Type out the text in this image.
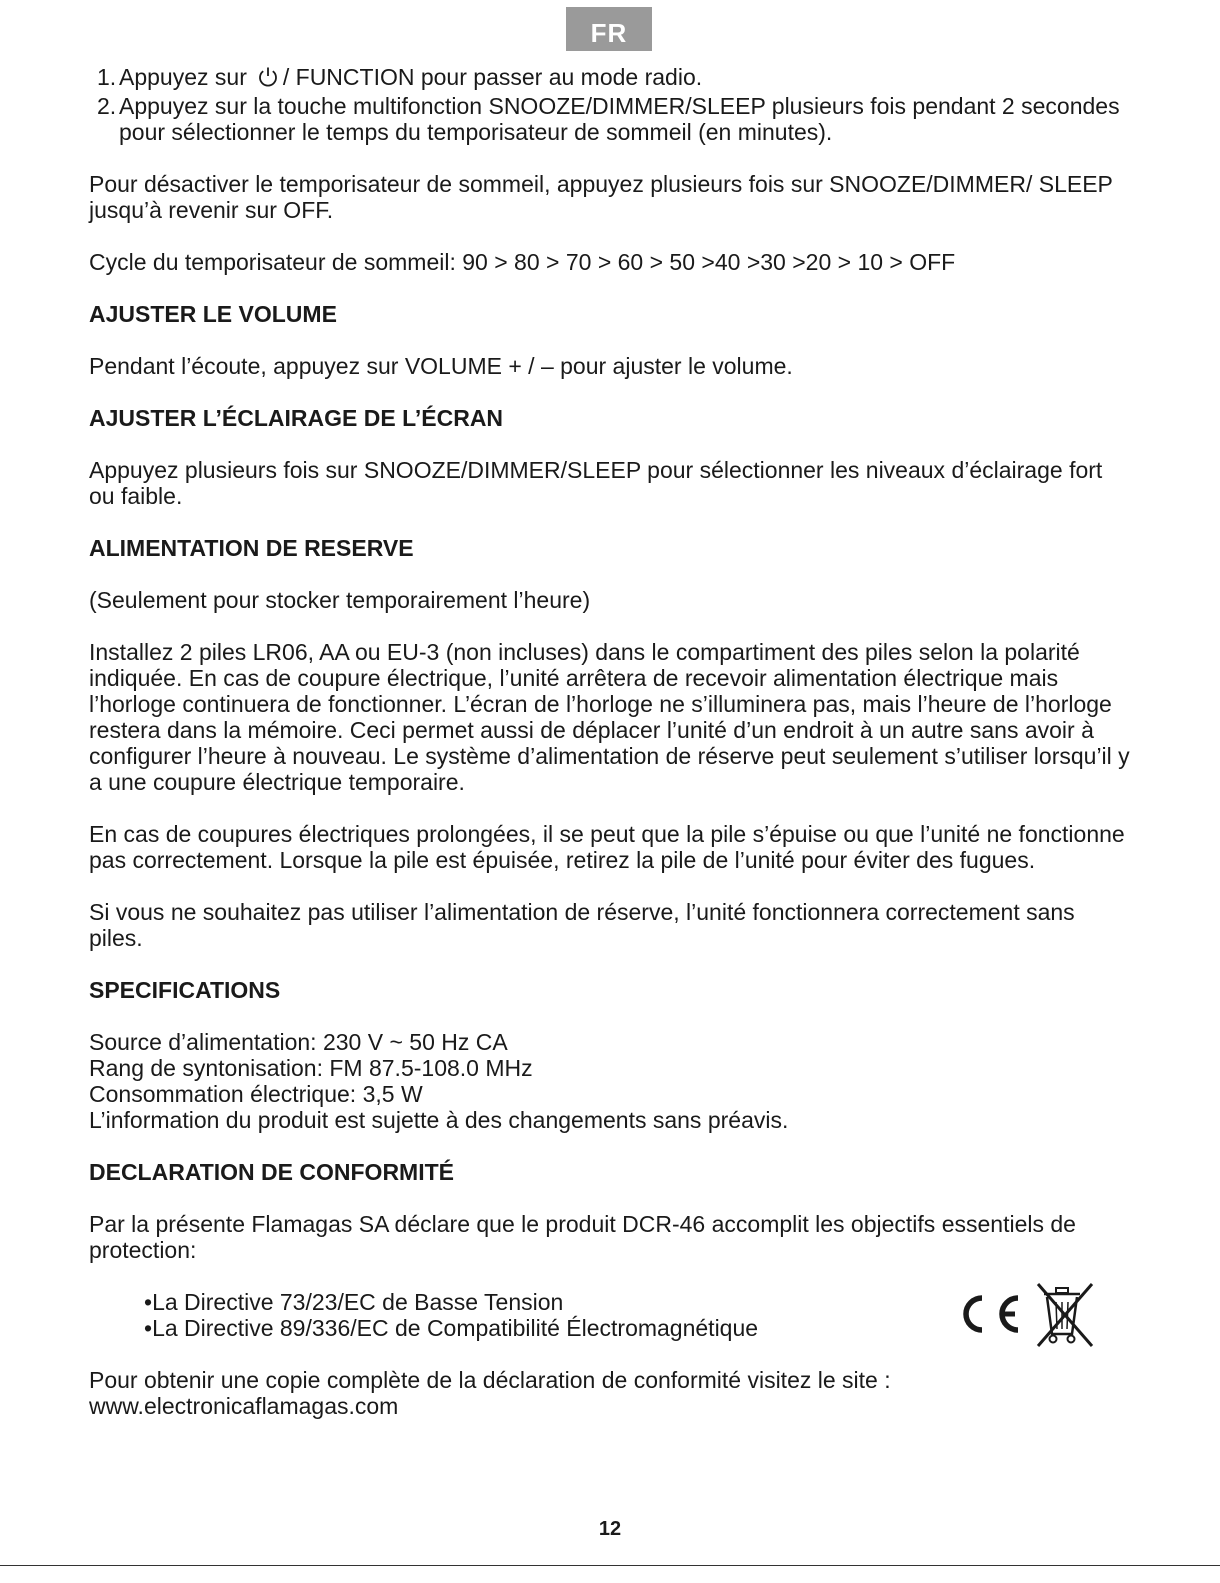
FR
1. Appuyez sur / FUNCTION pour passer au mode radio.
2. Appuyez sur la touche multifonction SNOOZE/DIMMER/SLEEP plusieurs fois pendant 2 secondes pour sélectionner le temps du temporisateur de sommeil (en minutes).

Pour désactiver le temporisateur de sommeil, appuyez plusieurs fois sur SNOOZE/DIMMER/ SLEEP jusqu’à revenir sur OFF.

Cycle du temporisateur de sommeil: 90 > 80 > 70 > 60 > 50 >40 >30 >20 > 10 > OFF

AJUSTER LE VOLUME

Pendant l’écoute, appuyez sur VOLUME + / – pour ajuster le volume.

AJUSTER L’ÉCLAIRAGE DE L’ÉCRAN

Appuyez plusieurs fois sur SNOOZE/DIMMER/SLEEP pour sélectionner les niveaux d’éclairage fort ou faible.

ALIMENTATION DE RESERVE

(Seulement pour stocker temporairement l’heure)

Installez 2 piles LR06, AA ou EU-3 (non incluses) dans le compartiment des piles selon la polarité indiquée. En cas de coupure électrique, l’unité arrêtera de recevoir alimentation électrique mais l’horloge continuera de fonctionner. L’écran de l’horloge ne s’illuminera pas, mais l’heure de l’horloge restera dans la mémoire. Ceci permet aussi de déplacer l’unité d’un endroit à un autre sans avoir à configurer l’heure à nouveau. Le système d’alimentation de réserve peut seulement s’utiliser lorsqu’il y a une coupure électrique temporaire.

En cas de coupures électriques prolongées, il se peut que la pile s’épuise ou que l’unité ne fonctionne pas correctement. Lorsque la pile est épuisée, retirez la pile de l’unité pour éviter des fugues.

Si vous ne souhaitez pas utiliser l’alimentation de réserve, l’unité fonctionnera correctement sans piles.

SPECIFICATIONS

Source d’alimentation: 230 V ~ 50 Hz CA

Rang de syntonisation: FM 87.5-108.0 MHz

Consommation électrique: 3,5 W

L’information du produit est sujette à des changements sans préavis.

DECLARATION DE CONFORMITÉ

Par la présente Flamagas SA déclare que le produit DCR-46 accomplit les objectifs essentiels de protection:

• La Directive 73/23/EC de Basse Tension
• La Directive 89/336/EC de Compatibilité Électromagnétique

Pour obtenir une copie complète de la déclaration de conformité visitez le site :

www.electronicaflamagas.com

12
